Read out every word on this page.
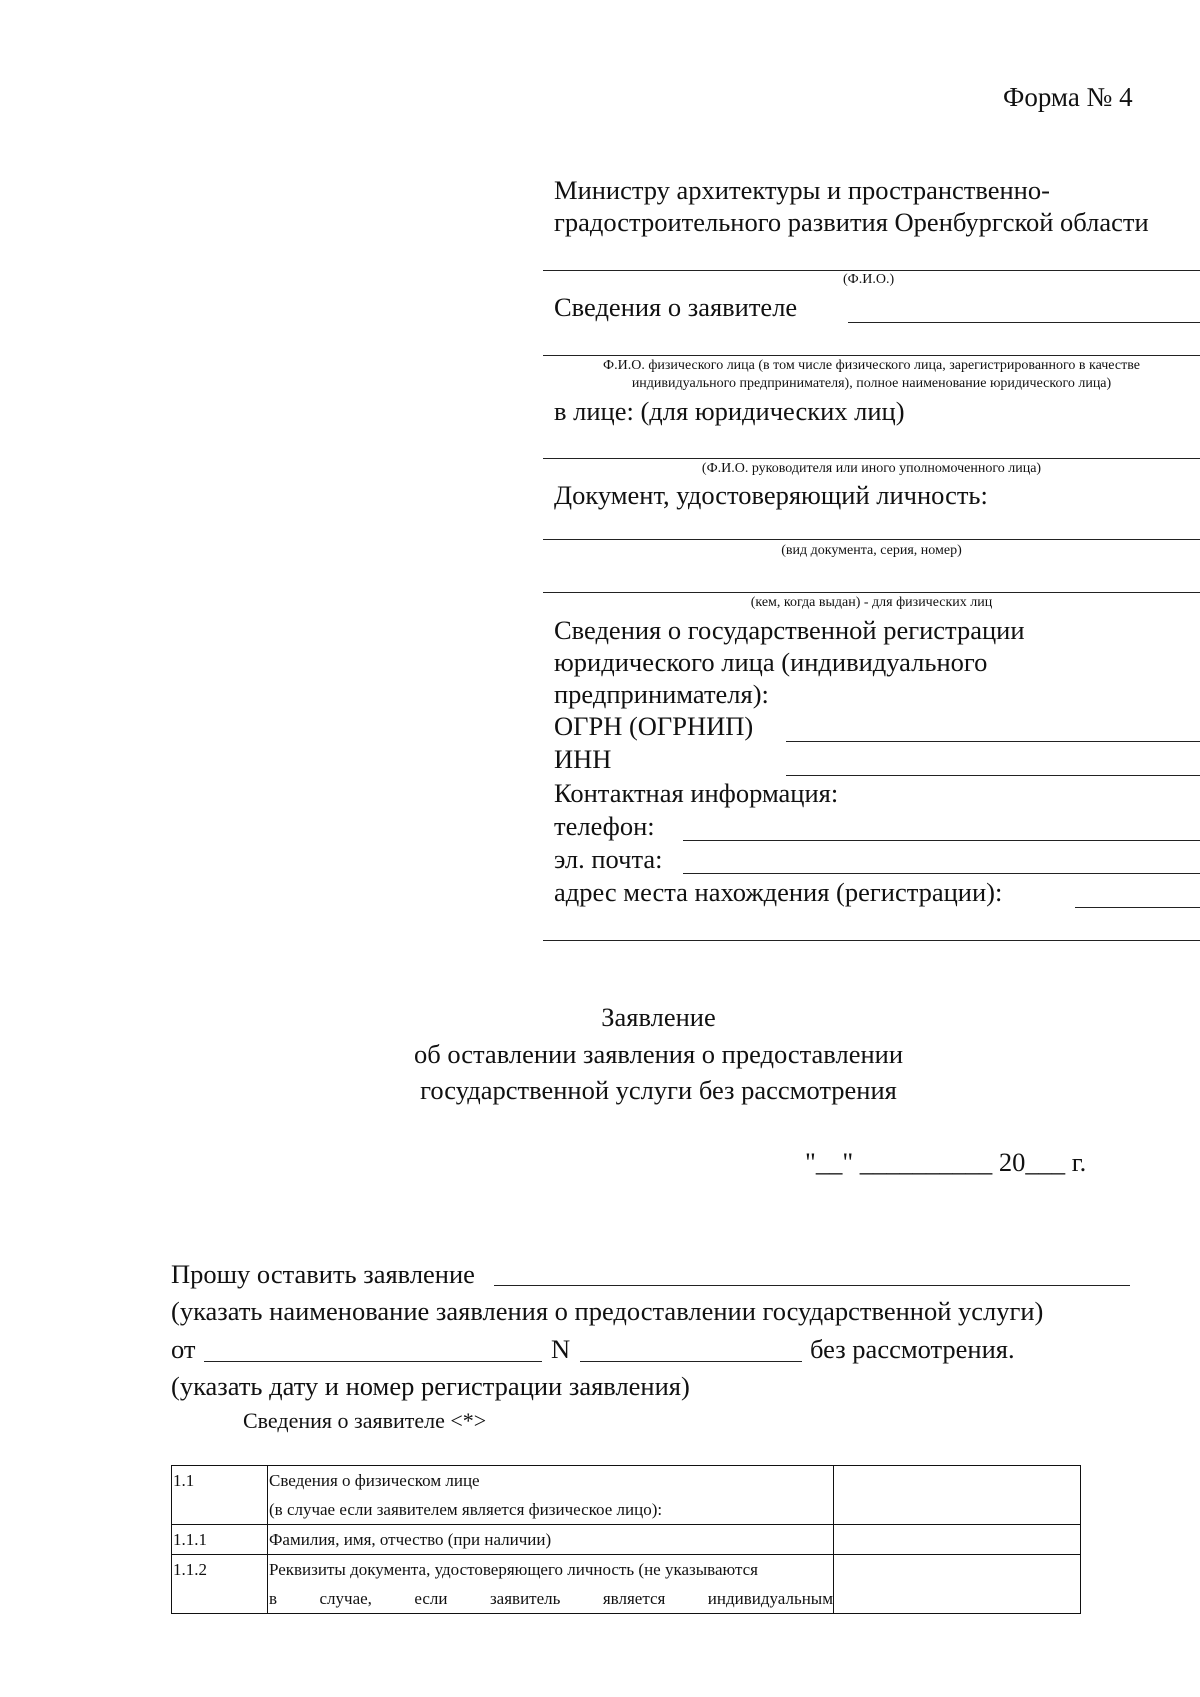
Форма № 4
Министру архитектуры и пространственно-
градостроительного развития Оренбургской области
(Ф.И.О.)
Сведения о заявителе
Ф.И.О. физического лица (в том числе физического лица, зарегистрированного в качестве
индивидуального предпринимателя), полное наименование юридического лица)
в лице: (для юридических лиц)
(Ф.И.О. руководителя или иного уполномоченного лица)
Документ, удостоверяющий личность:
(вид документа, серия, номер)
(кем, когда выдан) - для физических лиц
Сведения о государственной регистрации
юридического лица (индивидуального
предпринимателя):
ОГРН (ОГРНИП)
ИНН
Контактная информация:
телефон:
эл. почта:
адрес места нахождения (регистрации):
Заявление
об оставлении заявления о предоставлении
государственной услуги без рассмотрения
"__" __________ 20___ г.
Прошу оставить заявление
(указать наименование заявления о предоставлении государственной услуги)
от	N	без рассмотрения.
(указать дату и номер регистрации заявления)
Сведения о заявителе <*>
1.1	Сведения о физическом лице
(в случае если заявителем является физическое лицо):	

1.1.1	Фамилия, имя, отчество (при наличии)	
1.1.2	Реквизиты документа, удостоверяющего личность (не указываются
в случае, если заявитель является индивидуальным	
